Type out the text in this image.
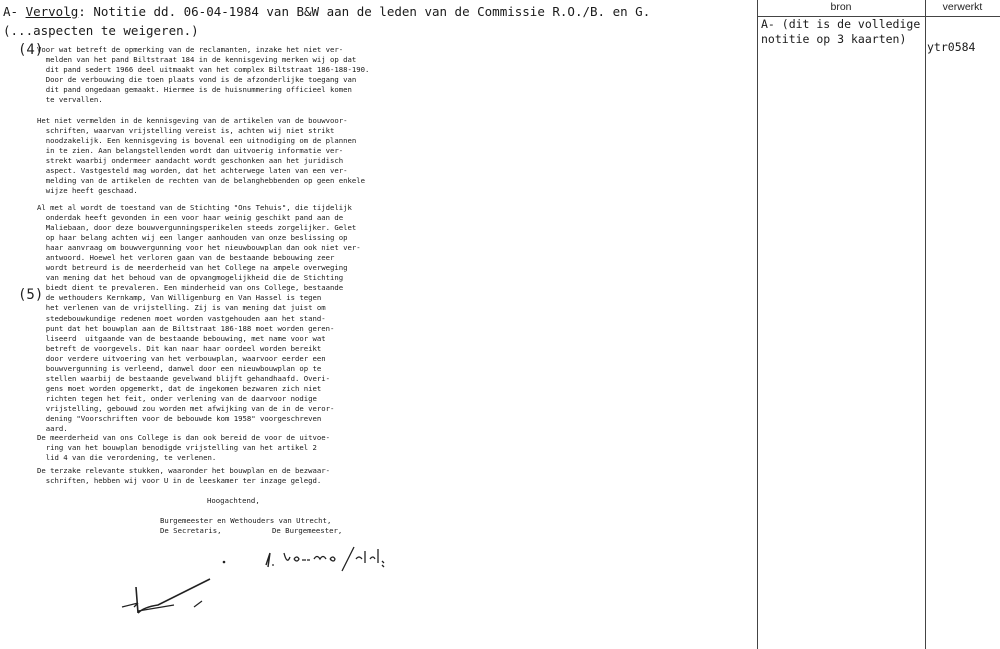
A- Vervolg: Notitie dd. 06-04-1984 van B&W aan de leden van de Commissie R.O./B. en G.
(...aspecten te weigeren.)
(4)
(5)
Voor wat betreft de opmerking van de reclamanten, inzake het niet ver-
melden van het pand Biltstraat 184 in de kennisgeving merken wij op dat
dit pand sedert 1966 deel uitmaakt van het complex Biltstraat 186-188-190.
Door de verbouwing die toen plaats vond is de afzonderlijke toegang van
dit pand ongedaan gemaakt. Hiermee is de huisnummering officieel komen
te vervallen.
Het niet vermelden in de kennisgeving van de artikelen van de bouwvoor-
schriften, waarvan vrijstelling vereist is, achten wij niet strikt
noodzakelijk. Een kennisgeving is bovenal een uitnodiging om de plannen
in te zien. Aan belangstellenden wordt dan uitvoerig informatie ver-
strekt waarbij ondermeer aandacht wordt geschonken aan het juridisch
aspect. Vastgesteld mag worden, dat het achterwege laten van een ver-
melding van de artikelen de rechten van de belanghebbenden op geen enkele
wijze heeft geschaad.
Al met al wordt de toestand van de Stichting "Ons Tehuis", die tijdelijk
onderdak heeft gevonden in een voor haar weinig geschikt pand aan de
Maliebaan, door deze bouwvergunningsperikelen steeds zorgelijker. Gelet
op haar belang achten wij een langer aanhouden van onze beslissing op
haar aanvraag om bouwvergunning voor het nieuwbouwplan dan ook niet ver-
antwoord. Hoewel het verloren gaan van de bestaande bebouwing zeer
wordt betreurd is de meerderheid van het College na ampele overweging
van mening dat het behoud van de opvangmogelijkheid die de Stichting
biedt dient te prevaleren. Een minderheid van ons College, bestaande
de wethouders Kernkamp, Van Willigenburg en Van Hassel is tegen
het verlenen van de vrijstelling. Zij is van mening dat juist om
stedebouwkundige redenen moet worden vastgehouden aan het stand-
punt dat het bouwplan aan de Biltstraat 186-188 moet worden geren-
liseerd  uitgaande van de bestaande bebouwing, met name voor wat
betreft de voorgevels. Dit kan naar haar oordeel worden bereikt
door verdere uitvoering van het verbouwplan, waarvoor eerder een
bouwvergunning is verleend, danwel door een nieuwbouwplan op te
stellen waarbij de bestaande gevelwand blijft gehandhaafd. Overi-
gens moet worden opgemerkt, dat de ingekomen bezwaren zich niet
richten tegen het feit, onder verlening van de daarvoor nodige
vrijstelling, gebouwd zou worden met afwijking van de in de veror-
dening "Voorschriften voor de bebouwde kom 1958" voorgeschreven
aard.
De meerderheid van ons College is dan ook bereid de voor de uitvoe-
ring van het bouwplan benodigde vrijstelling van het artikel 2
lid 4 van die verordening, te verlenen.
De terzake relevante stukken, waaronder het bouwplan en de bezwaar-
schriften, hebben wij voor U in de leeskamer ter inzage gelegd.
Hoogachtend,
Burgemeester en Wethouders van Utrecht,
De Secretaris,	De Burgemeester,
bron	verwerkt
A- (dit is de volledige
notitie op 3 kaarten)
ytr0584
